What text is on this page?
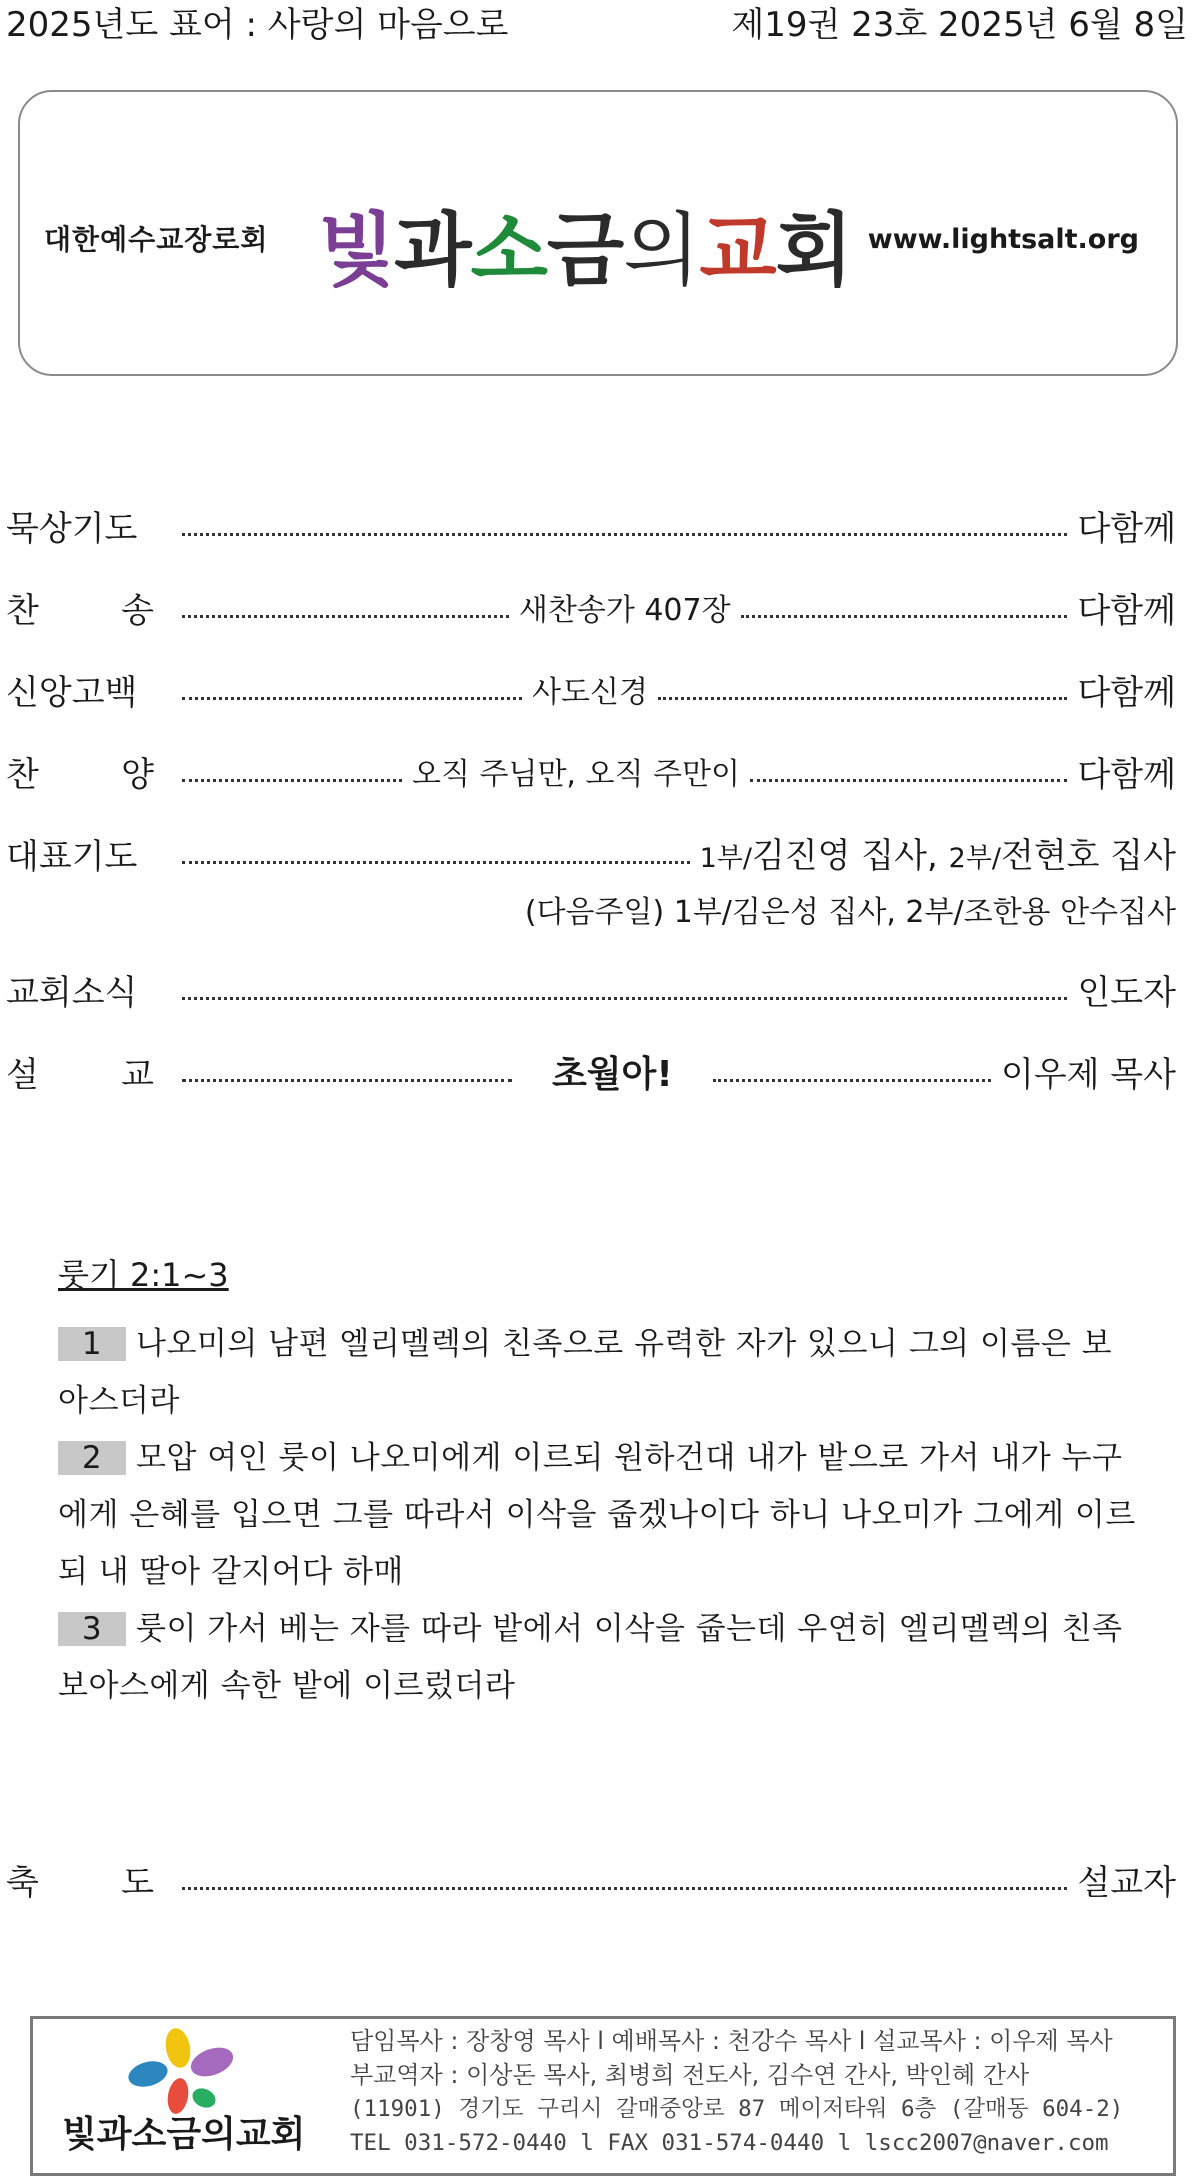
2025년도 표어 : 사랑의 마음으로	제19권 23호 2025년 6월 8일
대한예수교장로회 빛과소금의교회 www.lightsalt.org
묵상기도	다함께
찬 송	새찬송가 407장	다함께
신앙고백	사도신경	다함께
찬 양	오직 주님만, 오직 주만이	다함께
대표기도	1부/김진영 집사, 2부/전현호 집사
(다음주일) 1부/김은성 집사, 2부/조한용 안수집사
교회소식	인도자
설 교	초월아!	이우제 목사
룻기 2:1~3
1 나오미의 남편 엘리멜렉의 친족으로 유력한 자가 있으니 그의 이름은 보아스더라
2 모압 여인 룻이 나오미에게 이르되 원하건대 내가 밭으로 가서 내가 누구에게 은혜를 입으면 그를 따라서 이삭을 줍겠나이다 하니 나오미가 그에게 이르되 내 딸아 갈지어다 하매
3 룻이 가서 베는 자를 따라 밭에서 이삭을 줍는데 우연히 엘리멜렉의 친족 보아스에게 속한 밭에 이르렀더라
축 도	설교자
빛과소금의교회
담임목사 : 장창영 목사 l 예배목사 : 천강수 목사 l 설교목사 : 이우제 목사
부교역자 : 이상돈 목사, 최병희 전도사, 김수연 간사, 박인혜 간사
(11901) 경기도 구리시 갈매중앙로 87 메이저타워 6층 (갈매동 604-2)
TEL 031-572-0440 l FAX 031-574-0440 l lscc2007@naver.com
